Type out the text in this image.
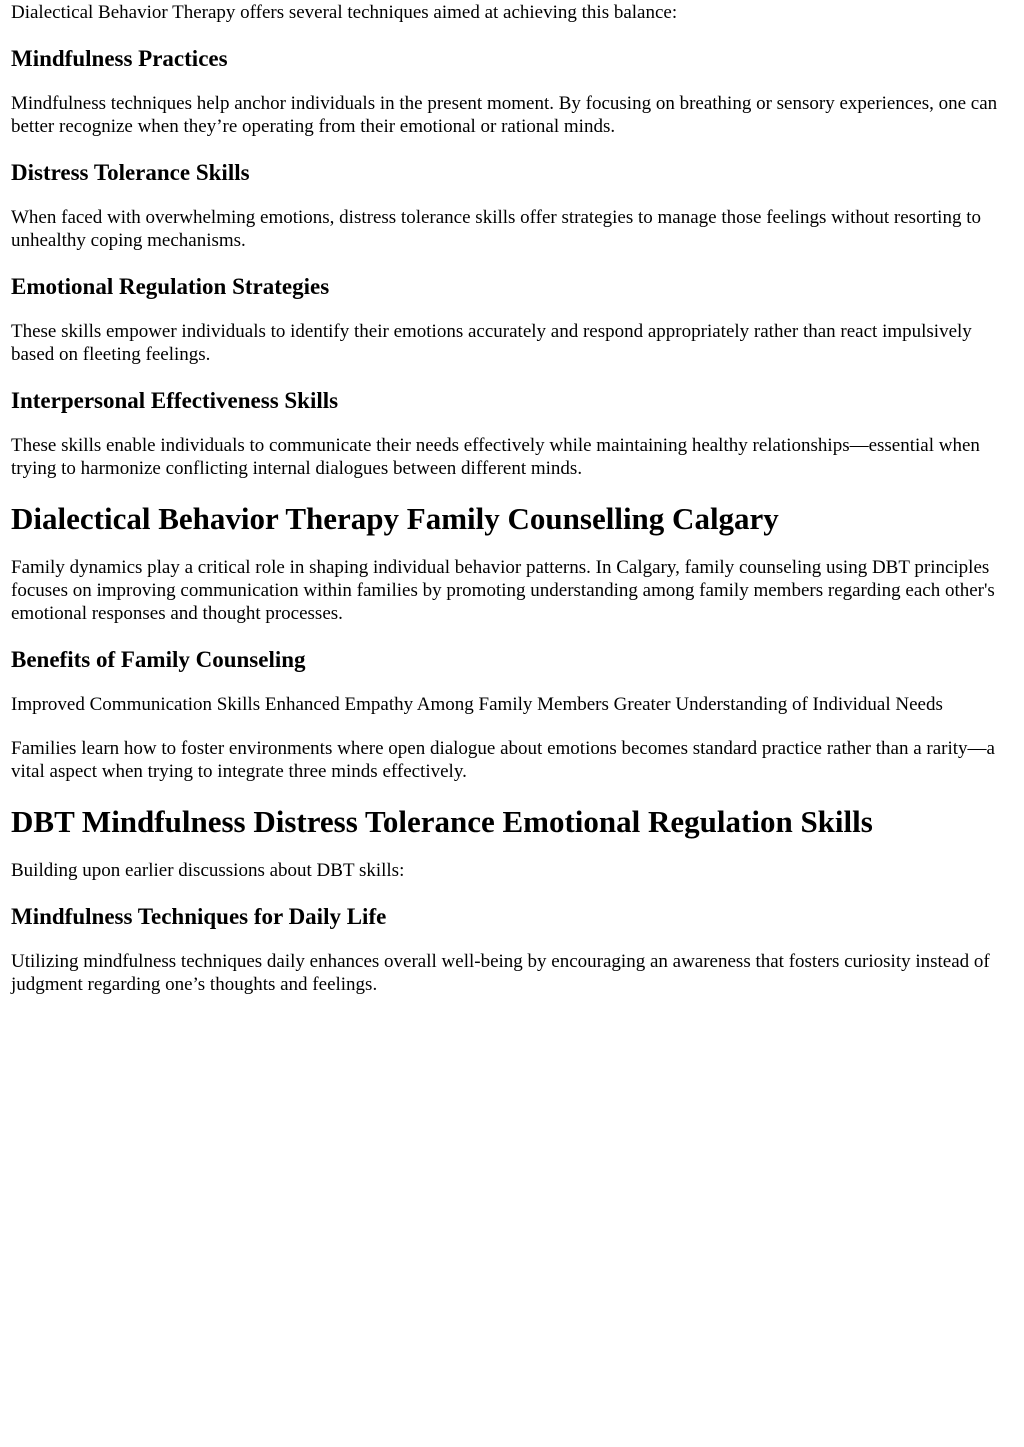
Dialectical Behavior Therapy offers several techniques aimed at achieving this balance:

Mindfulness Practices

Mindfulness techniques help anchor individuals in the present moment. By focusing on breathing or sensory experiences, one can better recognize when they’re operating from their emotional or rational minds.

Distress Tolerance Skills

When faced with overwhelming emotions, distress tolerance skills offer strategies to manage those feelings without resorting to unhealthy coping mechanisms.

Emotional Regulation Strategies

These skills empower individuals to identify their emotions accurately and respond appropriately rather than react impulsively based on fleeting feelings.

Interpersonal Effectiveness Skills

These skills enable individuals to communicate their needs effectively while maintaining healthy relationships—essential when trying to harmonize conflicting internal dialogues between different minds.

Dialectical Behavior Therapy Family Counselling Calgary

Family dynamics play a critical role in shaping individual behavior patterns. In Calgary, family counseling using DBT principles focuses on improving communication within families by promoting understanding among family members regarding each other's emotional responses and thought processes.

Benefits of Family Counseling

Improved Communication Skills Enhanced Empathy Among Family Members Greater Understanding of Individual Needs

Families learn how to foster environments where open dialogue about emotions becomes standard practice rather than a rarity—a vital aspect when trying to integrate three minds effectively.

DBT Mindfulness Distress Tolerance Emotional Regulation Skills

Building upon earlier discussions about DBT skills:

Mindfulness Techniques for Daily Life

Utilizing mindfulness techniques daily enhances overall well-being by encouraging an awareness that fosters curiosity instead of judgment regarding one’s thoughts and feelings.
